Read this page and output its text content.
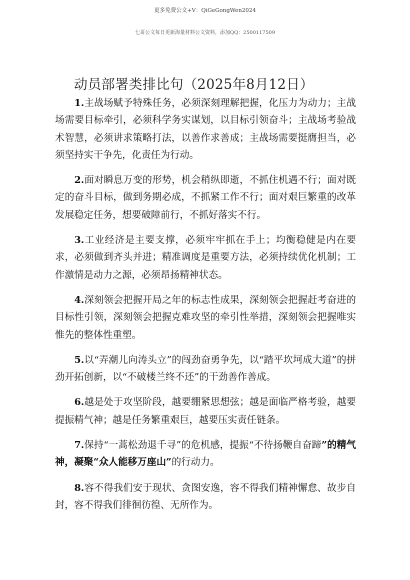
更多免费公文+V：QiGeGongWen2024
七哥公文每日更新海量材料公文资料，添加QQ：2500117509
动员部署类排比句（2025年8月12日）

1.主战场赋予特殊任务，必须深刻理解把握，化压力为动力；主战场需要目标牵引，必须科学务实谋划，以目标引领奋斗；主战场考验战术智慧，必须讲求策略打法，以善作求善成；主战场需要挺膺担当，必须坚持实干争先，化责任为行动。

2.面对瞬息万变的形势，机会稍纵即逝，不抓住机遇不行；面对既定的奋斗目标，做到务期必成，不抓紧工作不行；面对艰巨繁重的改革发展稳定任务，想要破障前行，不抓好落实不行。

3.工业经济是主要支撑，必须牢牢抓在手上；均衡稳健是内在要求，必须做到齐头并进；精准调度是重要方法，必须持续优化机制；工作激情是动力之源，必须昂扬精神状态。

4.深刻领会把握开局之年的标志性成果，深刻领会把握赶考奋进的目标性引领，深刻领会把握克难攻坚的牵引性举措，深刻领会把握唯实惟先的整体性重塑。

5.以“弄潮儿向涛头立”的闯劲奋勇争先，以“踏平坎坷成大道”的拼劲开拓创新，以“不破楼兰终不还”的干劲善作善成。

6.越是处于攻坚阶段，越要绷紧思想弦；越是面临严格考验，越要提振精气神；越是任务繁重艰巨，越要压实责任链条。

7.保持“一蒿松劲退千寻”的危机感，提振“不待扬鞭自奋蹄”的精气神，凝聚“众人能移万座山”的行动力。

8.容不得我们安于现状、贪图安逸，容不得我们精神懈怠、故步自封，容不得我们徘徊彷徨、无所作为。
